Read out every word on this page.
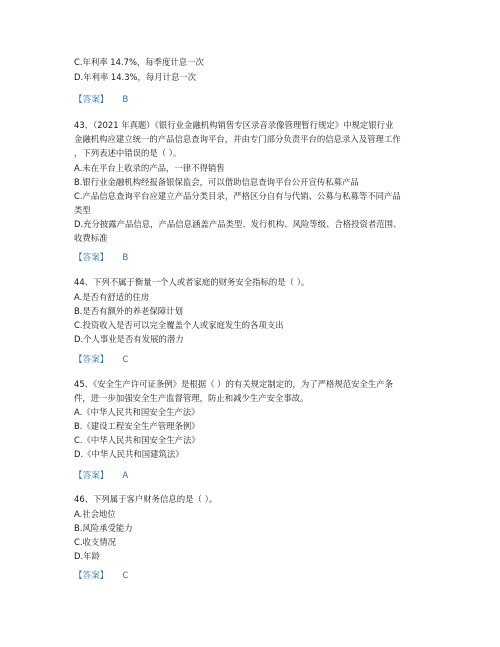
C.年利率 14.7%，每季度计息一次
D.年利率 14.3%，每月计息一次
【答案】 B
43、（2021 年真题）《银行业金融机构销售专区录音录像管理暂行规定》中规定银行业
金融机构应建立统一的产品信息查询平台，并由专门部分负责平台的信息录入及管理工作
，下列表述中错误的是（ ）。
A.未在平台上收录的产品，一律不得销售
B.银行业金融机构经报备银保监会，可以借助信息查询平台公开宣传私募产品
C.产品信息查询平台应建立产品分类目录，严格区分自有与代销、公募与私募等不同产品
类型
D.充分披露产品信息，产品信息涵盖产品类型、发行机构、风险等级、合格投资者范围、
收费标准
【答案】 B
44、下列不属于衡量一个人或者家庭的财务安全指标的是（ ）。
A.是否有舒适的住房
B.是否有额外的养老保障计划
C.投资收入是否可以完全覆盖个人或家庭发生的各项支出
D.个人事业是否有发展的潜力
【答案】 C
45、《安全生产许可证条例》是根据（ ）的有关规定制定的，为了严格规范安全生产条
件，进一步加强安全生产监督管理，防止和减少生产安全事故。
A.《中华人民共和国安全生产法》
B.《建设工程安全生产管理条例》
C.《中华人民共和国安全生产法》
D.《中华人民共和国建筑法》
【答案】 A
46、下列属于客户财务信息的是（ ）。
A.社会地位
B.风险承受能力
C.收支情况
D.年龄
【答案】 C
